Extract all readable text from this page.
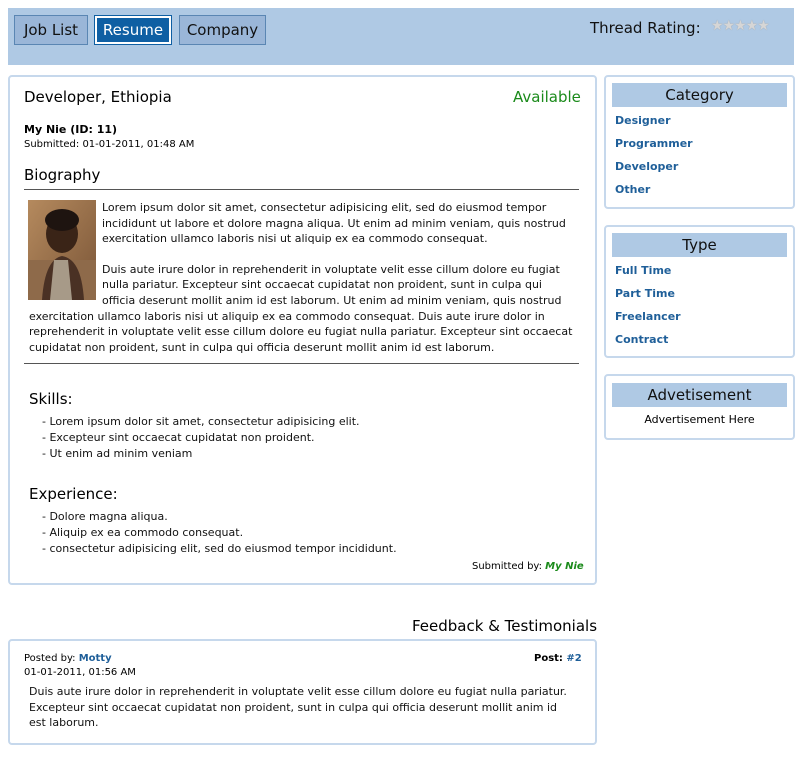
Job List	Resume	Company	Thread Rating: ★★★★★
Developer, Ethiopia	Available
My Nie (ID: 11)
Submitted: 01-01-2011, 01:48 AM
Biography

Lorem ipsum dolor sit amet, consectetur adipisicing elit, sed do eiusmod tempor incididunt ut labore et dolore magna aliqua. Ut enim ad minim veniam, quis nostrud exercitation ullamco laboris nisi ut aliquip ex ea commodo consequat.

Duis aute irure dolor in reprehenderit in voluptate velit esse cillum dolore eu fugiat nulla pariatur. Excepteur sint occaecat cupidatat non proident, sunt in culpa qui officia deserunt mollit anim id est laborum. Ut enim ad minim veniam, quis nostrud exercitation ullamco laboris nisi ut aliquip ex ea commodo consequat. Duis aute irure dolor in reprehenderit in voluptate velit esse cillum dolore eu fugiat nulla pariatur. Excepteur sint occaecat cupidatat non proident, sunt in culpa qui officia deserunt mollit anim id est laborum.

Skills:
- Lorem ipsum dolor sit amet, consectetur adipisicing elit.
- Excepteur sint occaecat cupidatat non proident.
- Ut enim ad minim veniam
Experience:
- Dolore magna aliqua.
- Aliquip ex ea commodo consequat.
- consectetur adipisicing elit, sed do eiusmod tempor incididunt.
Submitted by: My Nie
Feedback & Testimonials
Posted by: Motty	Post: #2
01-01-2011, 01:56 AM
Duis aute irure dolor in reprehenderit in voluptate velit esse cillum dolore eu fugiat nulla pariatur. Excepteur sint occaecat cupidatat non proident, sunt in culpa qui officia deserunt mollit anim id est laborum.
Category
Designer
Programmer
Developer
Other
Type
Full Time
Part Time
Freelancer
Contract
Advetisement
Advertisement Here
